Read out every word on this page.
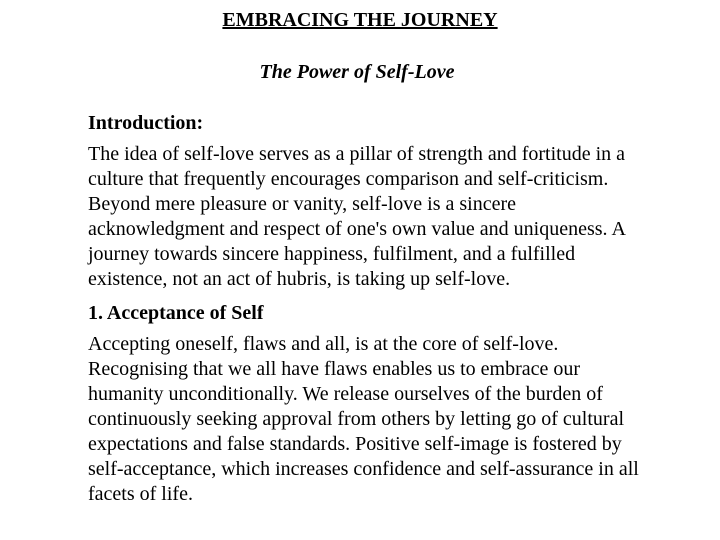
EMBRACING THE JOURNEY
The Power of Self-Love
Introduction:

The idea of self-love serves as a pillar of strength and fortitude in a culture that frequently encourages comparison and self-criticism. Beyond mere pleasure or vanity, self-love is a sincere acknowledgment and respect of one's own value and uniqueness. A journey towards sincere happiness, fulfilment, and a fulfilled existence, not an act of hubris, is taking up self-love.

1. Acceptance of Self

Accepting oneself, flaws and all, is at the core of self-love. Recognising that we all have flaws enables us to embrace our humanity unconditionally. We release ourselves of the burden of continuously seeking approval from others by letting go of cultural expectations and false standards. Positive self-image is fostered by self-acceptance, which increases confidence and self-assurance in all facets of life.
